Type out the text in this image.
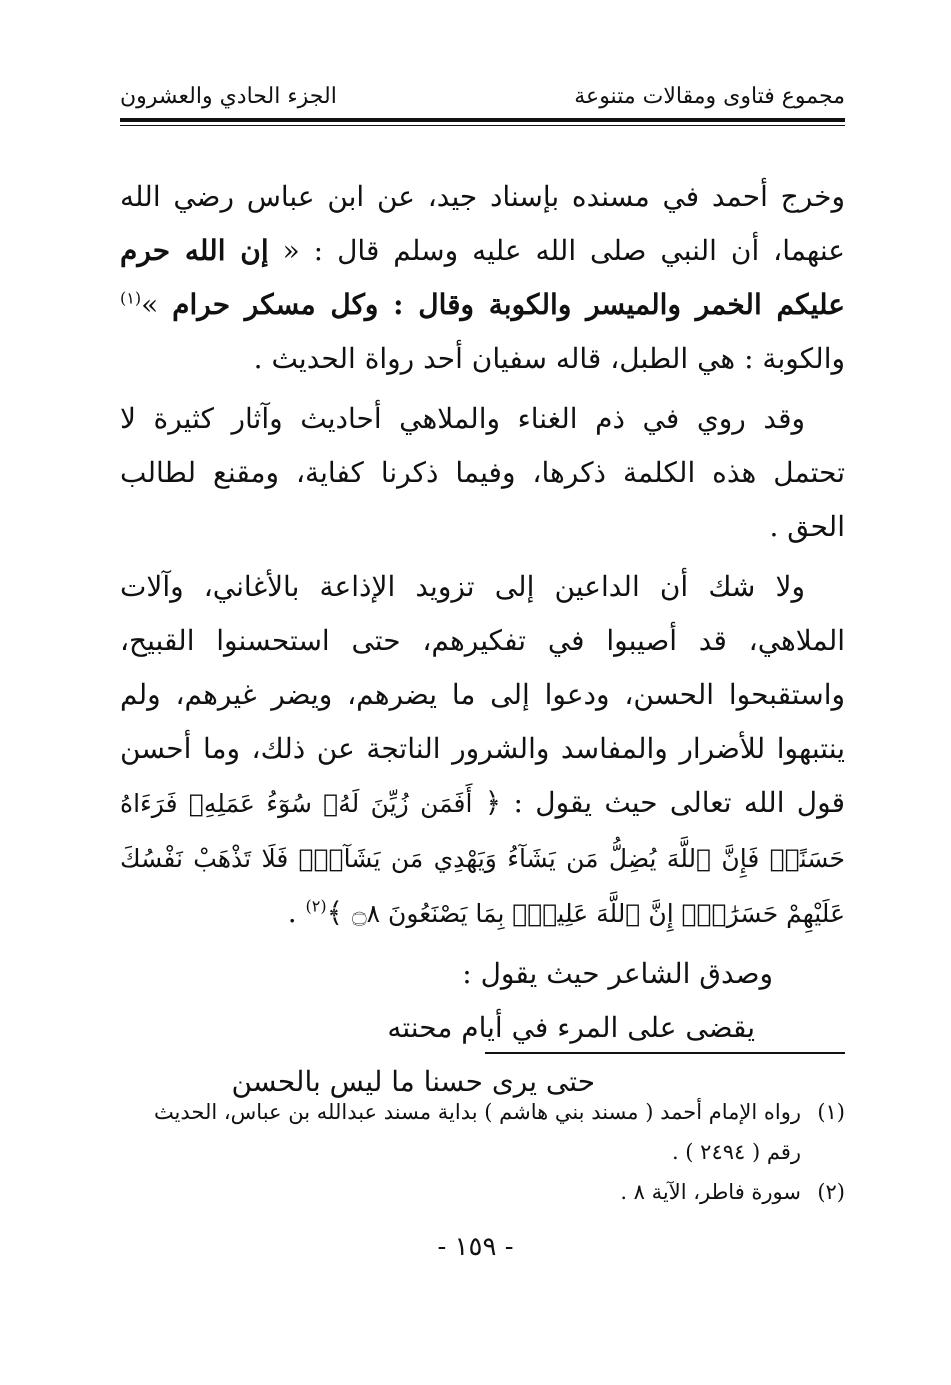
مجموع فتاوى ومقالات متنوعة
الجزء الحادي والعشرون

وخرج أحمد في مسنده بإسناد جيد، عن ابن عباس رضي الله عنهما، أن النبي صلى الله عليه وسلم قال : « إن الله حرم عليكم الخمر والميسر والكوبة وقال : وكل مسكر حرام »$^{(١)}$ والكوبة : هي الطبل، قاله سفيان أحد رواة الحديث .

وقد روي في ذم الغناء والملاهي أحاديث وآثار كثيرة لا تحتمل هذه الكلمة ذكرها، وفيما ذكرنا كفاية، ومقنع لطالب الحق .

ولا شك أن الداعين إلى تزويد الإذاعة بالأغاني، وآلات الملاهي، قد أصيبوا في تفكيرهم، حتى استحسنوا القبيح، واستقبحوا الحسن، ودعوا إلى ما يضرهم، ويضر غيرهم، ولم ينتبهوا للأضرار والمفاسد والشرور الناتجة عن ذلك، وما أحسن قول الله تعالى حيث يقول : ﴿ أَفَمَن زُيِّنَ لَهُۥ سُوٓءُ عَمَلِهِۦ فَرَءَاهُ حَسَنًاۖ فَإِنَّ ٱللَّهَ يُضِلُّ مَن يَشَآءُ وَيَهْدِي مَن يَشَآءُۖ فَلَا تَذْهَبْ نَفْسُكَ عَلَيْهِمْ حَسَرَٰتٍۚ إِنَّ ٱللَّهَ عَلِيمُۢ بِمَا يَصْنَعُونَ ۝٨ ﴾$^{(٢)}$ .

وصدق الشاعر حيث يقول :
يقضى على المرء في أيام محنته
حتى يرى حسنا ما ليس بالحسن
(١)
رواه الإمام أحمد ( مسند بني هاشم ) بداية مسند عبدالله بن عباس، الحديث رقم ( ٢٤٩٤ ) .
(٢)
سورة فاطر، الآية ٨ .
- ١٥٩ -
